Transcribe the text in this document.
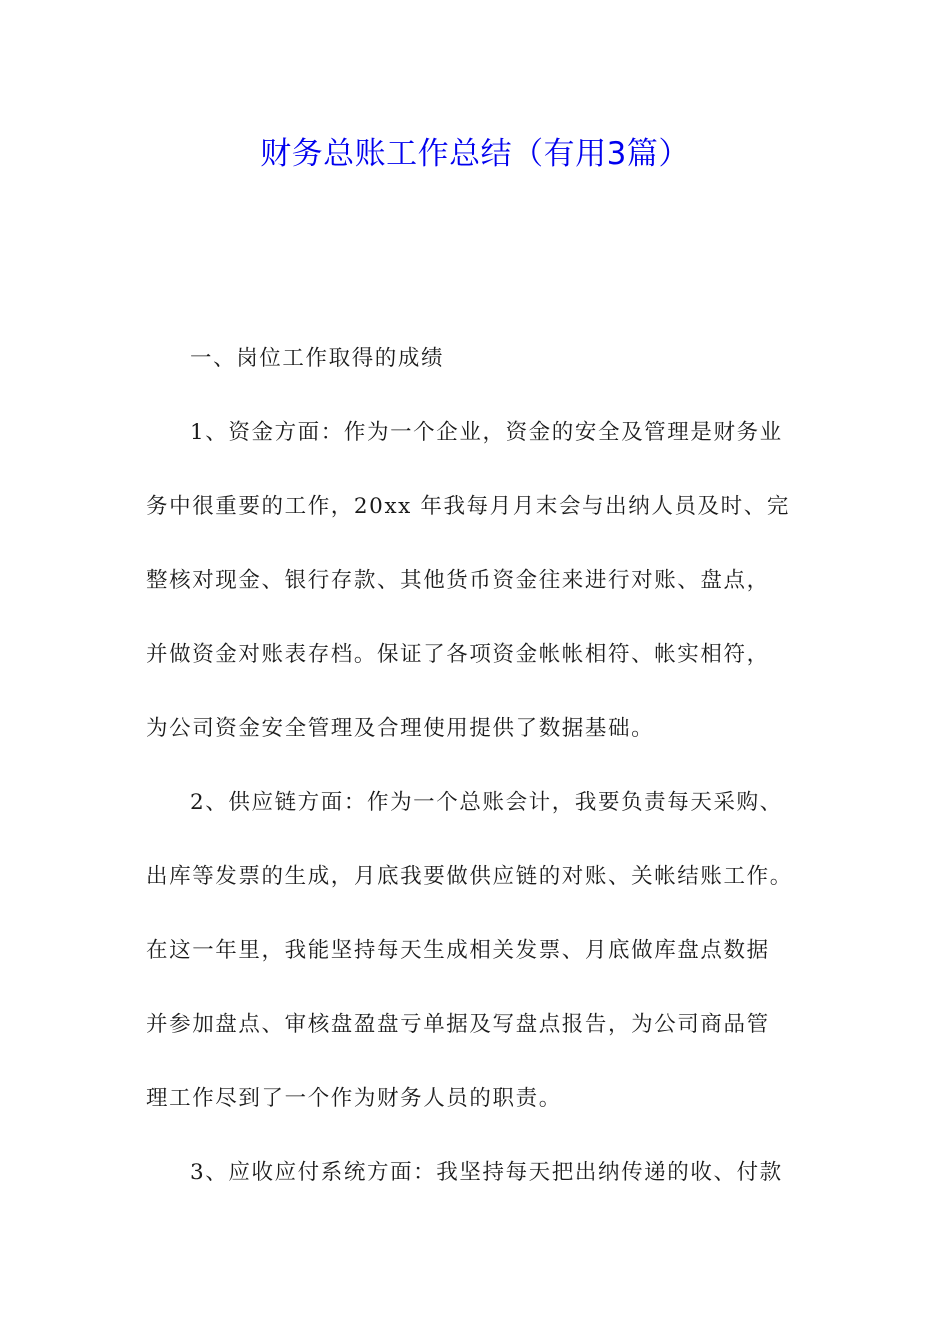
财务总账工作总结（有用3篇）
一、岗位工作取得的成绩
1、资金方面：作为一个企业，资金的安全及管理是财务业
务中很重要的工作，20xx 年我每月月末会与出纳人员及时、完
整核对现金、银行存款、其他货币资金往来进行对账、盘点，
并做资金对账表存档。保证了各项资金帐帐相符、帐实相符，
为公司资金安全管理及合理使用提供了数据基础。
2、供应链方面：作为一个总账会计，我要负责每天采购、
出库等发票的生成，月底我要做供应链的对账、关帐结账工作。
在这一年里，我能坚持每天生成相关发票、月底做库盘点数据
并参加盘点、审核盘盈盘亏单据及写盘点报告，为公司商品管
理工作尽到了一个作为财务人员的职责。
3、应收应付系统方面：我坚持每天把出纳传递的收、付款
